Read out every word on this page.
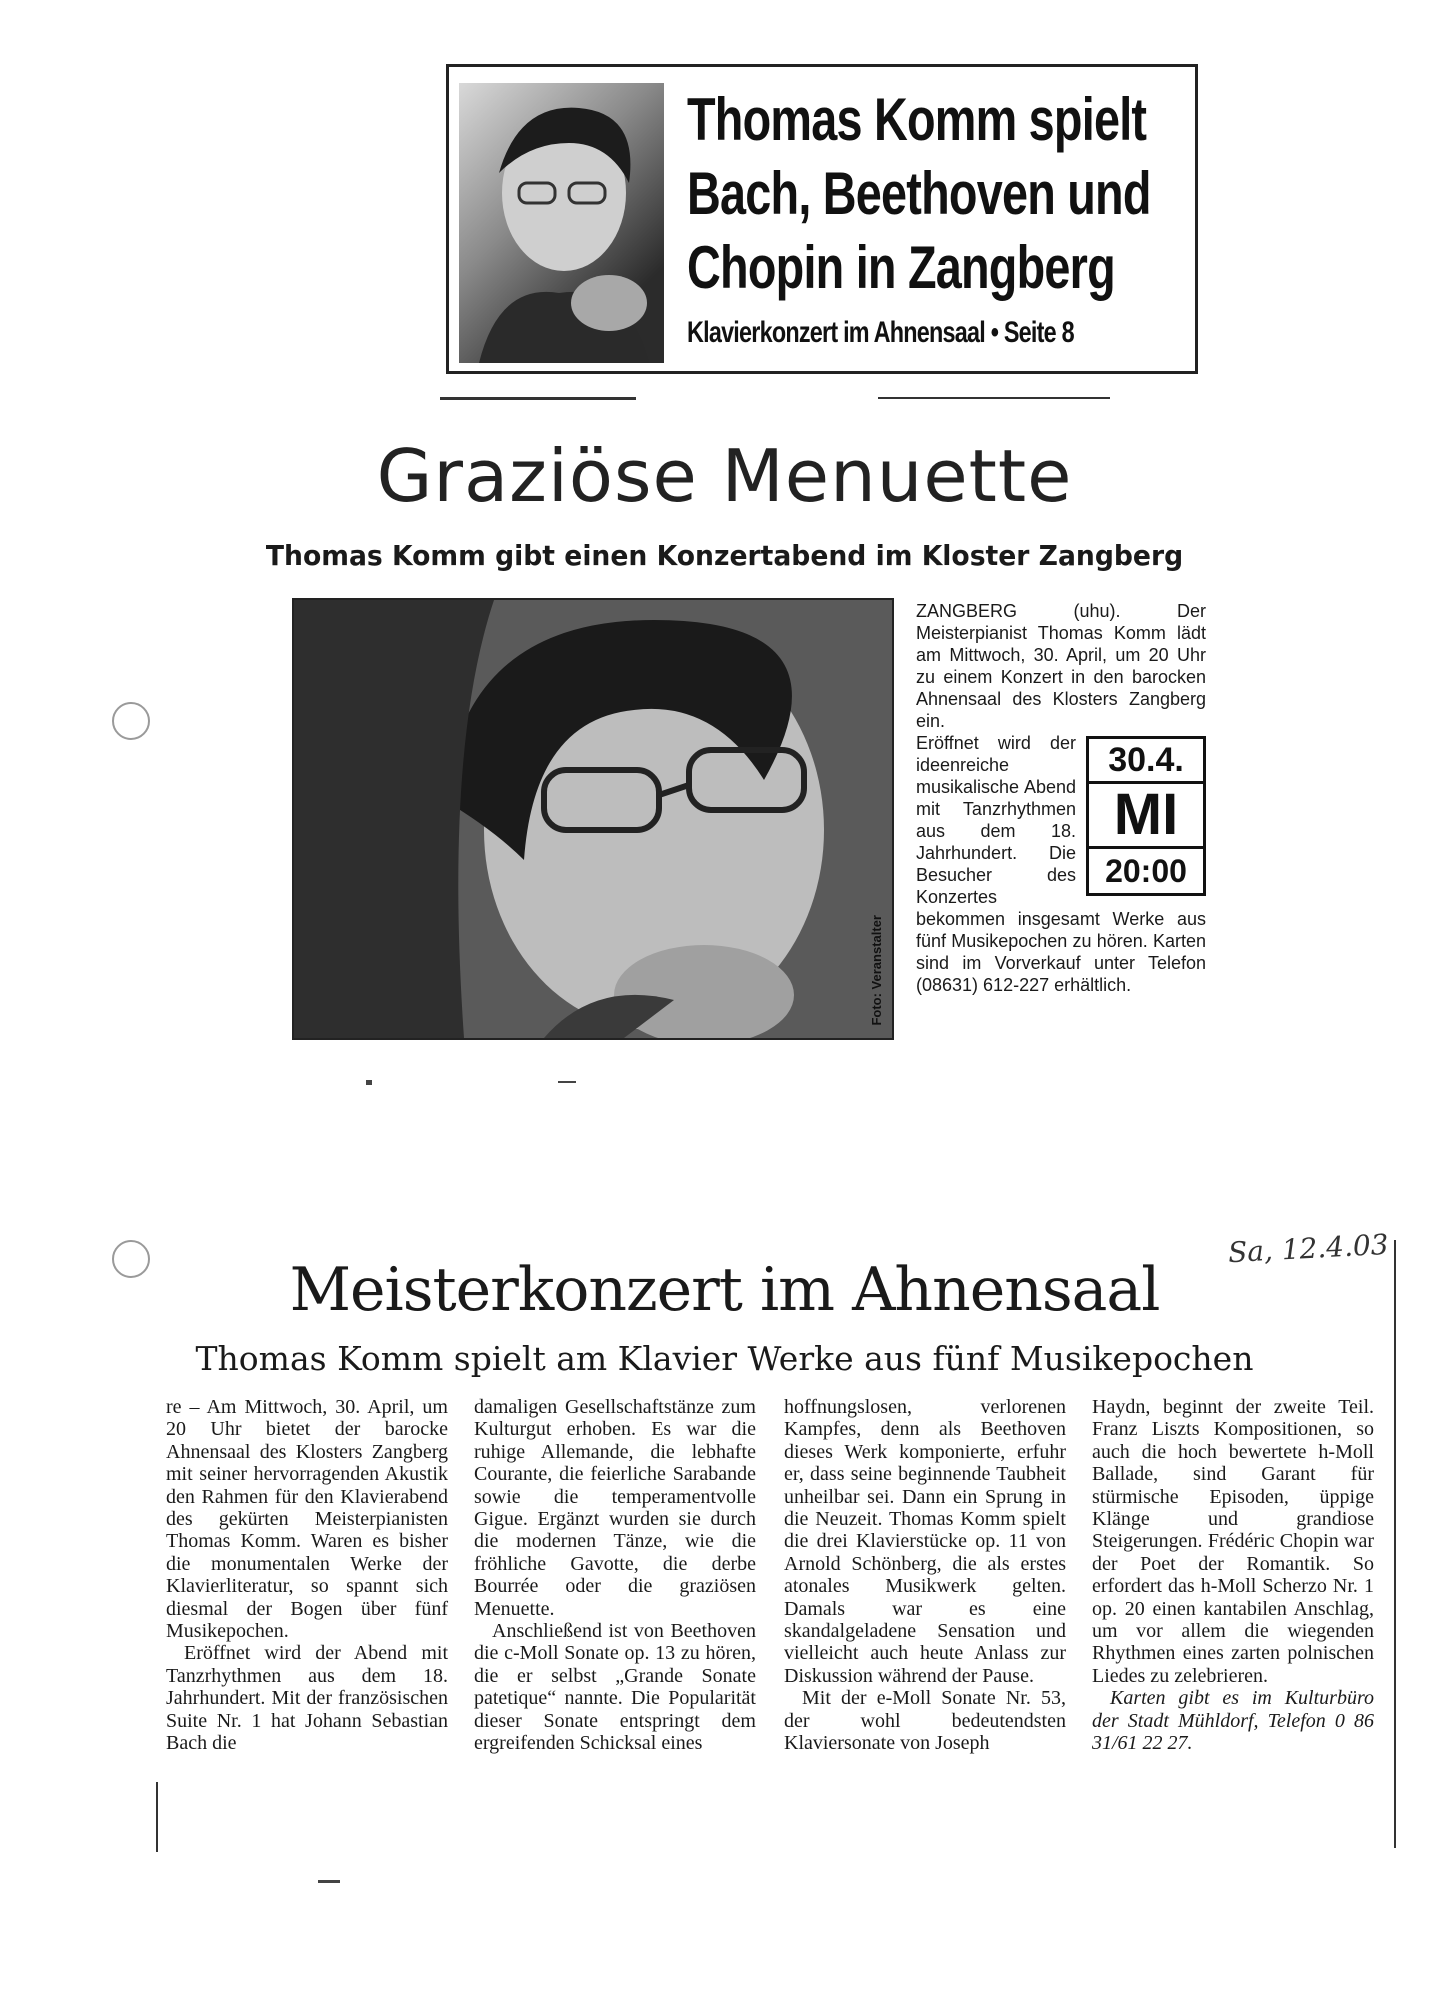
Thomas Komm spielt
Bach, Beethoven und
Chopin in Zangberg
Klavierkonzert im Ahnensaal • Seite 8
Graziöse Menuette
Thomas Komm gibt einen Konzertabend im Kloster Zangberg
Foto: Veranstalter

ZANGBERG (uhu). Der Meisterpianist Thomas Komm lädt am Mittwoch, 30. April, um 20 Uhr zu einem Konzert in den barocken Ahnensaal des Klosters Zangberg ein.

30.4.
MI
20:00

Eröffnet wird der ideenreiche musikalische Abend mit Tanzrhythmen aus dem 18. Jahrhundert. Die Besucher des Konzertes bekommen insgesamt Werke aus fünf Musikepochen zu hören. Karten sind im Vorverkauf unter Telefon (08631) 612-227 erhältlich.

Sa, 12.4.03
Meisterkonzert im Ahnensaal
Thomas Komm spielt am Klavier Werke aus fünf Musikepochen

re – Am Mittwoch, 30. April, um 20 Uhr bietet der barocke Ahnensaal des Klosters Zangberg mit seiner hervorragenden Akustik den Rahmen für den Klavierabend des gekürten Meisterpianisten Thomas Komm. Waren es bisher die monumentalen Werke der Klavierliteratur, so spannt sich diesmal der Bogen über fünf Musikepochen.

Eröffnet wird der Abend mit Tanzrhythmen aus dem 18. Jahrhundert. Mit der französischen Suite Nr. 1 hat Johann Sebastian Bach die

damaligen Gesellschaftstänze zum Kulturgut erhoben. Es war die ruhige Allemande, die lebhafte Courante, die feierliche Sarabande sowie die temperamentvolle Gigue. Ergänzt wurden sie durch die modernen Tänze, wie die fröhliche Gavotte, die derbe Bourrée oder die graziösen Menuette.

Anschließend ist von Beethoven die c-Moll Sonate op. 13 zu hören, die er selbst „Grande Sonate patetique“ nannte. Die Popularität dieser Sonate entspringt dem ergreifenden Schicksal eines

hoffnungslosen, verlorenen Kampfes, denn als Beethoven dieses Werk komponierte, erfuhr er, dass seine beginnende Taubheit unheilbar sei. Dann ein Sprung in die Neuzeit. Thomas Komm spielt die drei Klavierstücke op. 11 von Arnold Schönberg, die als erstes atonales Musikwerk gelten. Damals war es eine skandalgeladene Sensation und vielleicht auch heute Anlass zur Diskussion während der Pause.

Mit der e-Moll Sonate Nr. 53, der wohl bedeutendsten Klaviersonate von Joseph

Haydn, beginnt der zweite Teil. Franz Liszts Kompositionen, so auch die hoch bewertete h-Moll Ballade, sind Garant für stürmische Episoden, üppige Klänge und grandiose Steigerungen. Frédéric Chopin war der Poet der Romantik. So erfordert das h-Moll Scherzo Nr. 1 op. 20 einen kantabilen Anschlag, um vor allem die wiegenden Rhythmen eines zarten polnischen Liedes zu zelebrieren.

Karten gibt es im Kulturbüro der Stadt Mühldorf, Telefon 0 86 31/61 22 27.
